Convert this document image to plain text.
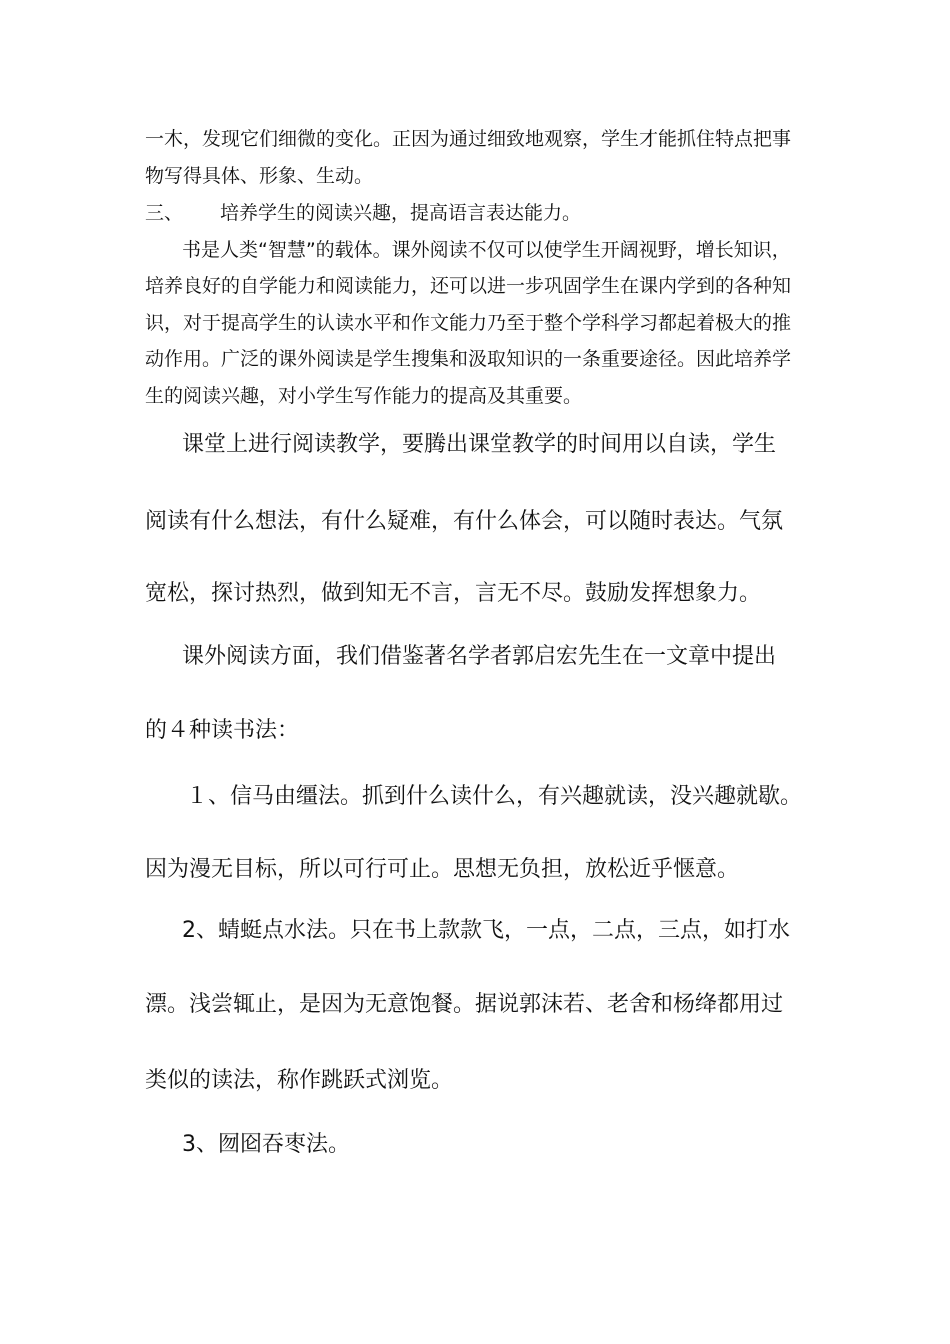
一木，发现它们细微的变化。正因为通过细致地观察，学生才能抓住特点把事
物写得具体、形象、生动。
三、 培养学生的阅读兴趣，提高语言表达能力。
书是人类“智慧”的载体。课外阅读不仅可以使学生开阔视野，增长知识，
培养良好的自学能力和阅读能力，还可以进一步巩固学生在课内学到的各种知
识，对于提高学生的认读水平和作文能力乃至于整个学科学习都起着极大的推
动作用。广泛的课外阅读是学生搜集和汲取知识的一条重要途径。因此培养学
生的阅读兴趣，对小学生写作能力的提高及其重要。
课堂上进行阅读教学，要腾出课堂教学的时间用以自读，学生
阅读有什么想法，有什么疑难，有什么体会，可以随时表达。气氛
宽松，探讨热烈，做到知无不言，言无不尽。鼓励发挥想象力。
课外阅读方面，我们借鉴著名学者郭启宏先生在一文章中提出
的４种读书法：
１、信马由缰法。抓到什么读什么，有兴趣就读，没兴趣就歇。
因为漫无目标，所以可行可止。思想无负担，放松近乎惬意。
2、蜻蜓点水法。只在书上款款飞，一点，二点，三点，如打水
漂。浅尝辄止，是因为无意饱餐。据说郭沫若、老舍和杨绛都用过
类似的读法，称作跳跃式浏览。
3、囫囵吞枣法。
